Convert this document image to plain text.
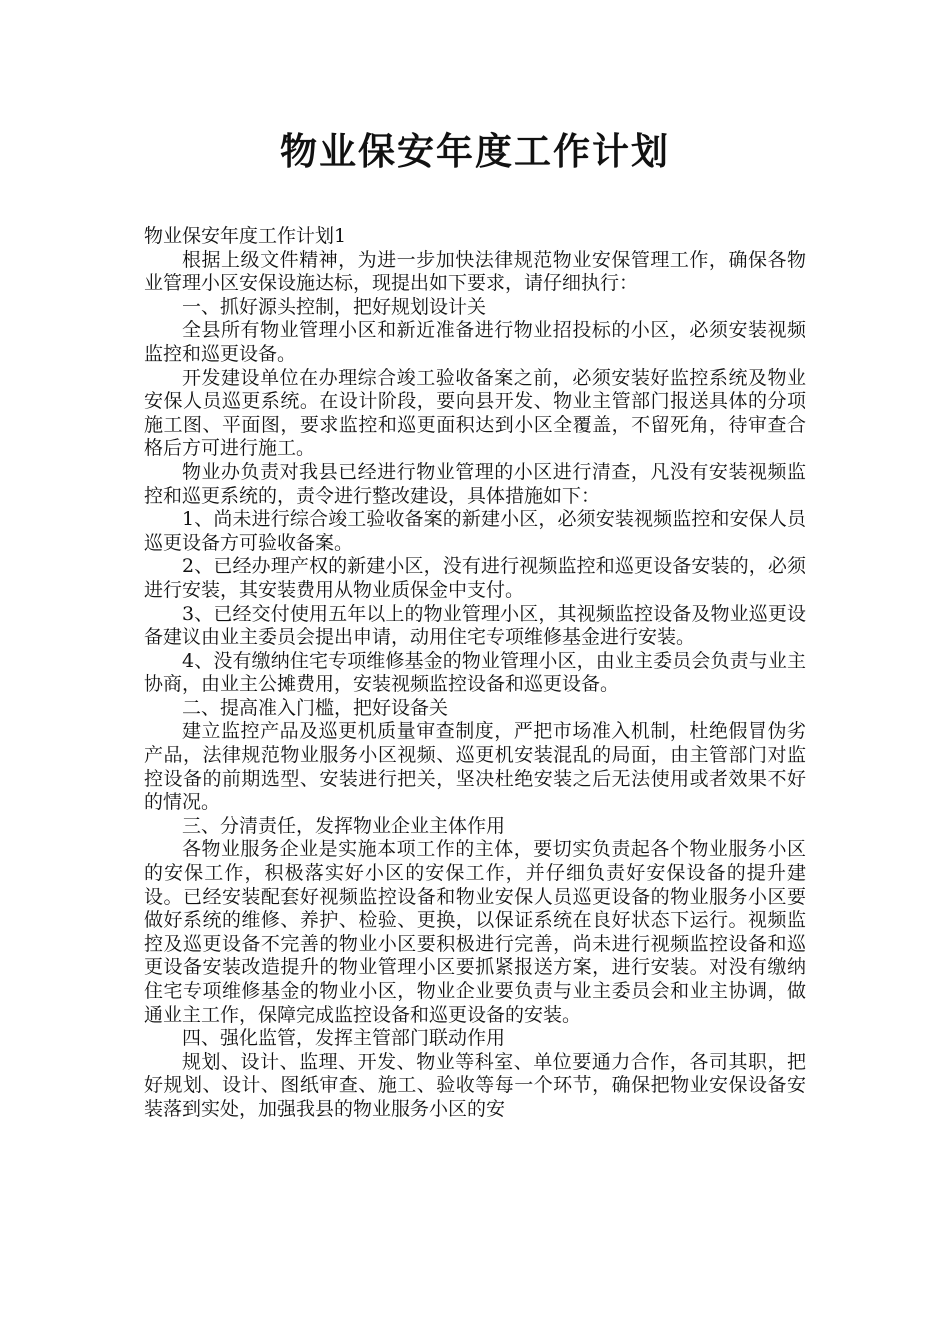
物业保安年度工作计划

物业保安年度工作计划1

根据上级文件精神，为进一步加快法律规范物业安保管理工作，确保各物业管理小区安保设施达标，现提出如下要求，请仔细执行：

一、抓好源头控制，把好规划设计关

全县所有物业管理小区和新近准备进行物业招投标的小区，必须安装视频监控和巡更设备。

开发建设单位在办理综合竣工验收备案之前，必须安装好监控系统及物业安保人员巡更系统。在设计阶段，要向县开发、物业主管部门报送具体的分项施工图、平面图，要求监控和巡更面积达到小区全覆盖，不留死角，待审查合格后方可进行施工。

物业办负责对我县已经进行物业管理的小区进行清查，凡没有安装视频监控和巡更系统的，责令进行整改建设，具体措施如下：

1、尚未进行综合竣工验收备案的新建小区，必须安装视频监控和安保人员巡更设备方可验收备案。

2、已经办理产权的新建小区，没有进行视频监控和巡更设备安装的，必须进行安装，其安装费用从物业质保金中支付。

3、已经交付使用五年以上的物业管理小区，其视频监控设备及物业巡更设备建议由业主委员会提出申请，动用住宅专项维修基金进行安装。

4、没有缴纳住宅专项维修基金的物业管理小区，由业主委员会负责与业主协商，由业主公摊费用，安装视频监控设备和巡更设备。

二、提高准入门槛，把好设备关

建立监控产品及巡更机质量审查制度，严把市场准入机制，杜绝假冒伪劣产品，法律规范物业服务小区视频、巡更机安装混乱的局面，由主管部门对监控设备的前期选型、安装进行把关，坚决杜绝安装之后无法使用或者效果不好的情况。

三、分清责任，发挥物业企业主体作用

各物业服务企业是实施本项工作的主体，要切实负责起各个物业服务小区的安保工作，积极落实好小区的安保工作，并仔细负责好安保设备的提升建设。已经安装配套好视频监控设备和物业安保人员巡更设备的物业服务小区要做好系统的维修、养护、检验、更换，以保证系统在良好状态下运行。视频监控及巡更设备不完善的物业小区要积极进行完善，尚未进行视频监控设备和巡更设备安装改造提升的物业管理小区要抓紧报送方案，进行安装。对没有缴纳住宅专项维修基金的物业小区，物业企业要负责与业主委员会和业主协调，做通业主工作，保障完成监控设备和巡更设备的安装。

四、强化监管，发挥主管部门联动作用

规划、设计、监理、开发、物业等科室、单位要通力合作，各司其职，把好规划、设计、图纸审查、施工、验收等每一个环节，确保把物业安保设备安装落到实处，加强我县的物业服务小区的安
